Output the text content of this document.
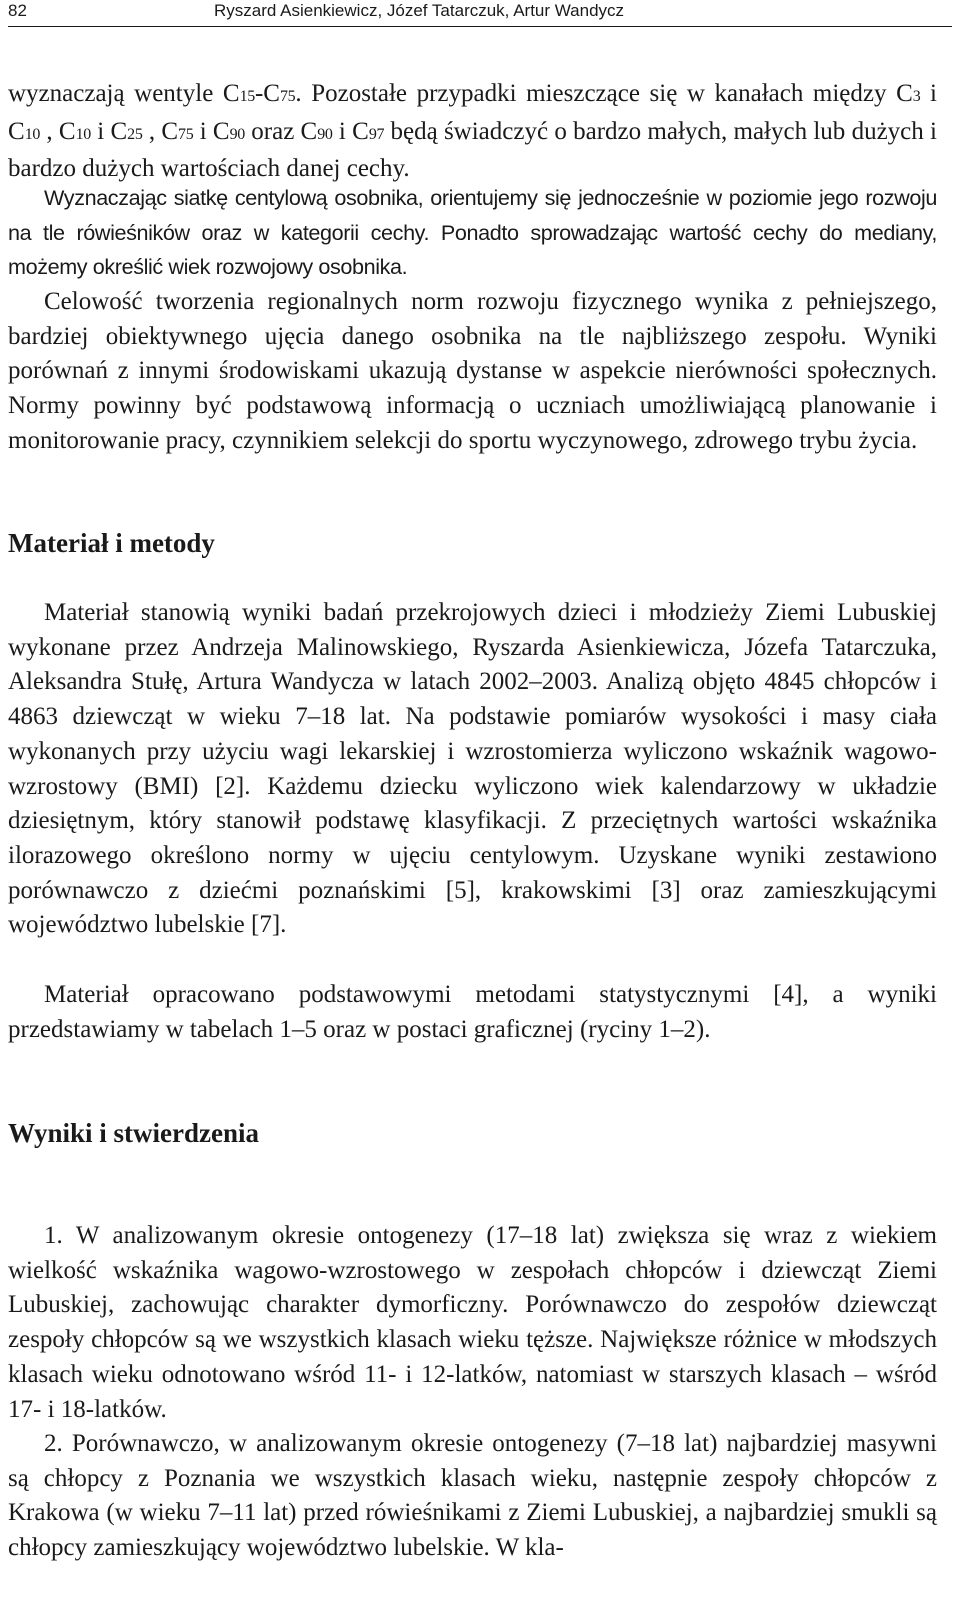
82	Ryszard Asienkiewicz, Józef Tatarczuk, Artur Wandycz

wyznaczają wentyle C15-C75. Pozostałe przypadki mieszczące się w kanałach między C3 i C10 , C10 i C25 , C75 i C90 oraz C90 i C97 będą świadczyć o bardzo małych, małych lub dużych i bardzo dużych wartościach danej cechy.

Wyznaczając siatkę centylową osobnika, orientujemy się jednocześnie w poziomie jego rozwoju na tle rówieśników oraz w kategorii cechy. Ponadto sprowadzając wartość cechy do mediany, możemy określić wiek rozwojowy osobnika.

Celowość tworzenia regionalnych norm rozwoju fizycznego wynika z pełniejszego, bardziej obiektywnego ujęcia danego osobnika na tle najbliższego zespołu. Wyniki porównań z innymi środowiskami ukazują dystanse w aspekcie nierówności społecznych. Normy powinny być podstawową informacją o uczniach umożliwiającą planowanie i monitorowanie pracy, czynnikiem selekcji do sportu wyczynowego, zdrowego trybu życia.

Materiał i metody

Materiał stanowią wyniki badań przekrojowych dzieci i młodzieży Ziemi Lubuskiej wykonane przez Andrzeja Malinowskiego, Ryszarda Asienkiewicza, Józefa Tatarczuka, Aleksandra Stułę, Artura Wandycza w latach 2002–2003. Analizą objęto 4845 chłopców i 4863 dziewcząt w wieku 7–18 lat. Na podstawie pomiarów wysokości i masy ciała wykonanych przy użyciu wagi lekarskiej i wzrostomierza wyliczono wskaźnik wagowo-wzrostowy (BMI) [2]. Każdemu dziecku wyliczono wiek kalendarzowy w układzie dziesiętnym, który stanowił podstawę klasyfikacji. Z przeciętnych wartości wskaźnika ilorazowego określono normy w ujęciu centylowym. Uzyskane wyniki zestawiono porównawczo z dziećmi poznańskimi [5], krakowskimi [3] oraz zamieszkującymi województwo lubelskie [7].

Materiał opracowano podstawowymi metodami statystycznymi [4], a wyniki przedstawiamy w tabelach 1–5 oraz w postaci graficznej (ryciny 1–2).

Wyniki i stwierdzenia

1. W analizowanym okresie ontogenezy (17–18 lat) zwiększa się wraz z wiekiem wielkość wskaźnika wagowo-wzrostowego w zespołach chłopców i dziewcząt Ziemi Lubuskiej, zachowując charakter dymorficzny. Porównawczo do zespołów dziewcząt zespoły chłopców są we wszystkich klasach wieku tęższe. Największe różnice w młodszych klasach wieku odnotowano wśród 11- i 12-latków, natomiast w starszych klasach – wśród 17- i 18-latków.

2. Porównawczo, w analizowanym okresie ontogenezy (7–18 lat) najbardziej masywni są chłopcy z Poznania we wszystkich klasach wieku, następnie zespoły chłopców z Krakowa (w wieku 7–11 lat) przed rówieśnikami z Ziemi Lubuskiej, a najbardziej smukli są chłopcy zamieszkujący województwo lubelskie. W kla-
